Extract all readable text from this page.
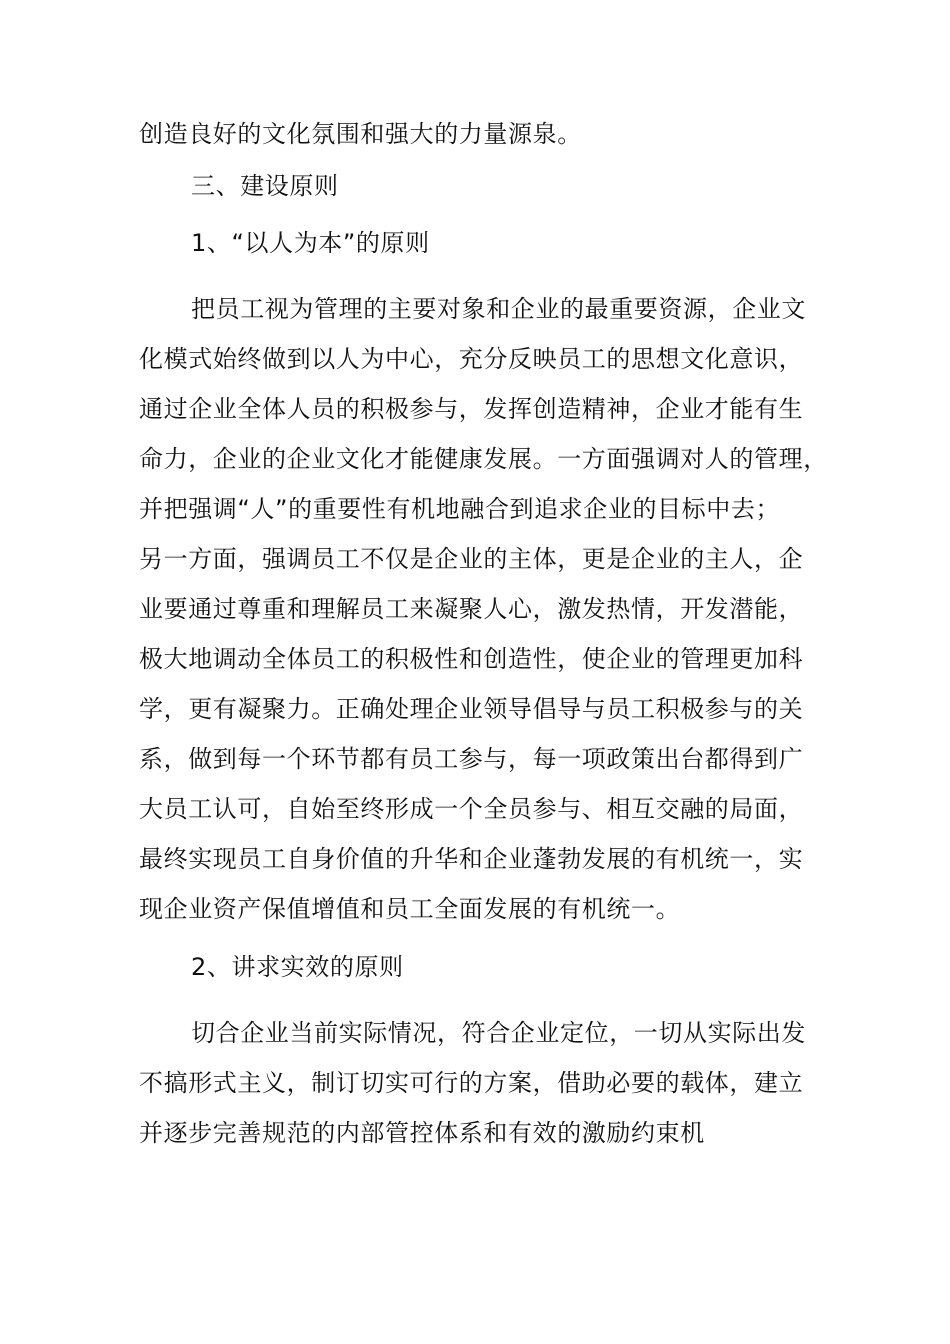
创造良好的文化氛围和强大的力量源泉。
三、建设原则
1、“以人为本”的原则
把员工视为管理的主要对象和企业的最重要资源，企业文
化模式始终做到以人为中心，充分反映员工的思想文化意识，
通过企业全体人员的积极参与，发挥创造精神，企业才能有生
命力，企业的企业文化才能健康发展。一方面强调对人的管理，
并把强调“人”的重要性有机地融合到追求企业的目标中去；
另一方面，强调员工不仅是企业的主体，更是企业的主人，企
业要通过尊重和理解员工来凝聚人心，激发热情，开发潜能，
极大地调动全体员工的积极性和创造性，使企业的管理更加科
学，更有凝聚力。正确处理企业领导倡导与员工积极参与的关
系，做到每一个环节都有员工参与，每一项政策出台都得到广
大员工认可，自始至终形成一个全员参与、相互交融的局面，
最终实现员工自身价值的升华和企业蓬勃发展的有机统一，实
现企业资产保值增值和员工全面发展的有机统一。
2、讲求实效的原则
切合企业当前实际情况，符合企业定位，一切从实际出发
不搞形式主义，制订切实可行的方案，借助必要的载体，建立
并逐步完善规范的内部管控体系和有效的激励约束机
